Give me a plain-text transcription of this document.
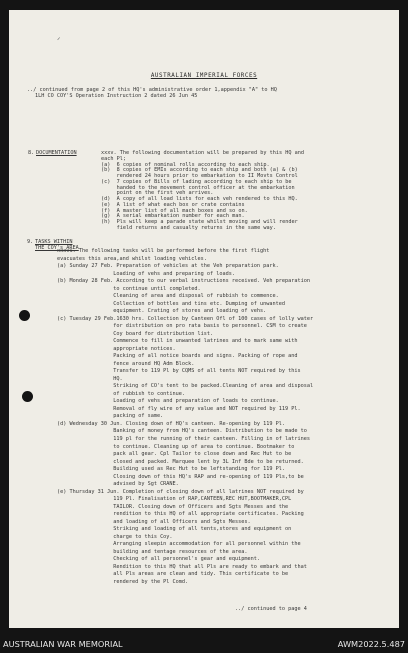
ᐟ
AUSTRALIAN IMPERIAL FORCES
../ continued from page 2 of this HQ's administrative order 1,appendix "A" to HQ
1LH CO COY'S Operation Instruction 2 dated 26 Jun 45
8. DOCUMENTATION	xxxv. The following documentation will be prepared by this HQ and
each Pl;
(a)  6 copies of nominal rolls according to each ship.
(b)  8 copies of EMIs according to each ship and both (a) & (b)
rendered 24 hours prior to embarkation to II Movts Control
(c)  7 copies of Bills of lading according to each ship to be
handed to the movement control officer at the embarkation
point on the first veh arrives.
(d)  A copy of all load lists for each veh rendered to this HQ.
(e)  A list of what each box or crate contains
(f)  A master list of all mach boxes and so on.
(g)  A serial embarkation number for each man.
(h)  Pls will keep a parade state whilst moving and will render
field returns and casualty returns in the same way.
9. TASKS WITHIN
THE COY's AREA
xxxvi. The following tasks will be performed before the first flight
evacuates this area,and whilst loading vehicles.
(a) Sunday 27 Feb. Preparation of vehicles at the Veh preparation park.
Loading of vehs and preparing of loads.
(b) Monday 28 Feb. According to our verbal instructions received. Veh preparation
to continue until completed.
Cleaning of area and disposal of rubbish to commence.
Collection of bottles and tins etc. Dumping of unwanted
equipment. Crating of stores and loading of vehs.
(c) Tuesday 29 Feb.1630 hrs. Collection by Canteen Ofl of 100 cases of lolly water
for distribution on pro rata basis to personnel. CSM to create
Coy board for distribution list.
Commence to fill in unwanted latrines and to mark same with
appropriate notices.
Packing of all notice boards and signs. Packing of rope and
fence around HQ Adm Block.
Transfer to 119 Pl by CQMS of all tents NOT required by this
HQ.
Striking of CO's tent to be packed.Cleaning of area and disposal
of rubbish to continue.
Loading of vehs and preparation of loads to continue.
Removal of fly wire of any value and NOT required by 119 Pl.
packing of same.
(d) Wednesday 30 Jun. Closing down of HQ's canteen. Re-opening by 119 Pl.
Banking of money from HQ's canteen. Distribution to be made to
119 pl for the running of their canteen. Filling in of latrines
to continue. Cleaning up of area to continue. Bootmaker to
pack all gear. Cpl Tailor to close down and Rec Hut to be
closed and packed. Marquee lent by 3L Inf Bde to be returned.
Building used as Rec Hut to be leftstanding for 119 Pl.
Closing down of this HQ's RAP and re-opening of 119 Pls,to be
advised by Sgt CRANE.
(e) Thursday 31 Jun. Completion of closing down of all latrines NOT required by
119 Pl. Finalisation of RAP,CANTEEN,REC HUT,BOOTMAKER,CPL
TAILOR. Closing down of Officers and Sgts Messes and the
rendition to this HQ of all appropriate certificates. Packing
and loading of all Officers and Sgts Messes.
Striking and loading of all tents,stores and equipment on
charge to this Coy.
Arranging sleepin accommodation for all personnel within the
building and tentage resources of the area.
Checking of all personnel's gear and equipment.
Rendition to this HQ that all Pls are ready to embark and that
all Pls areas are clean and tidy. This certificate to be
rendered by the Pl Comd.
../ continued to page 4
AUSTRALIAN WAR MEMORIAL	AWM2022.5.487
